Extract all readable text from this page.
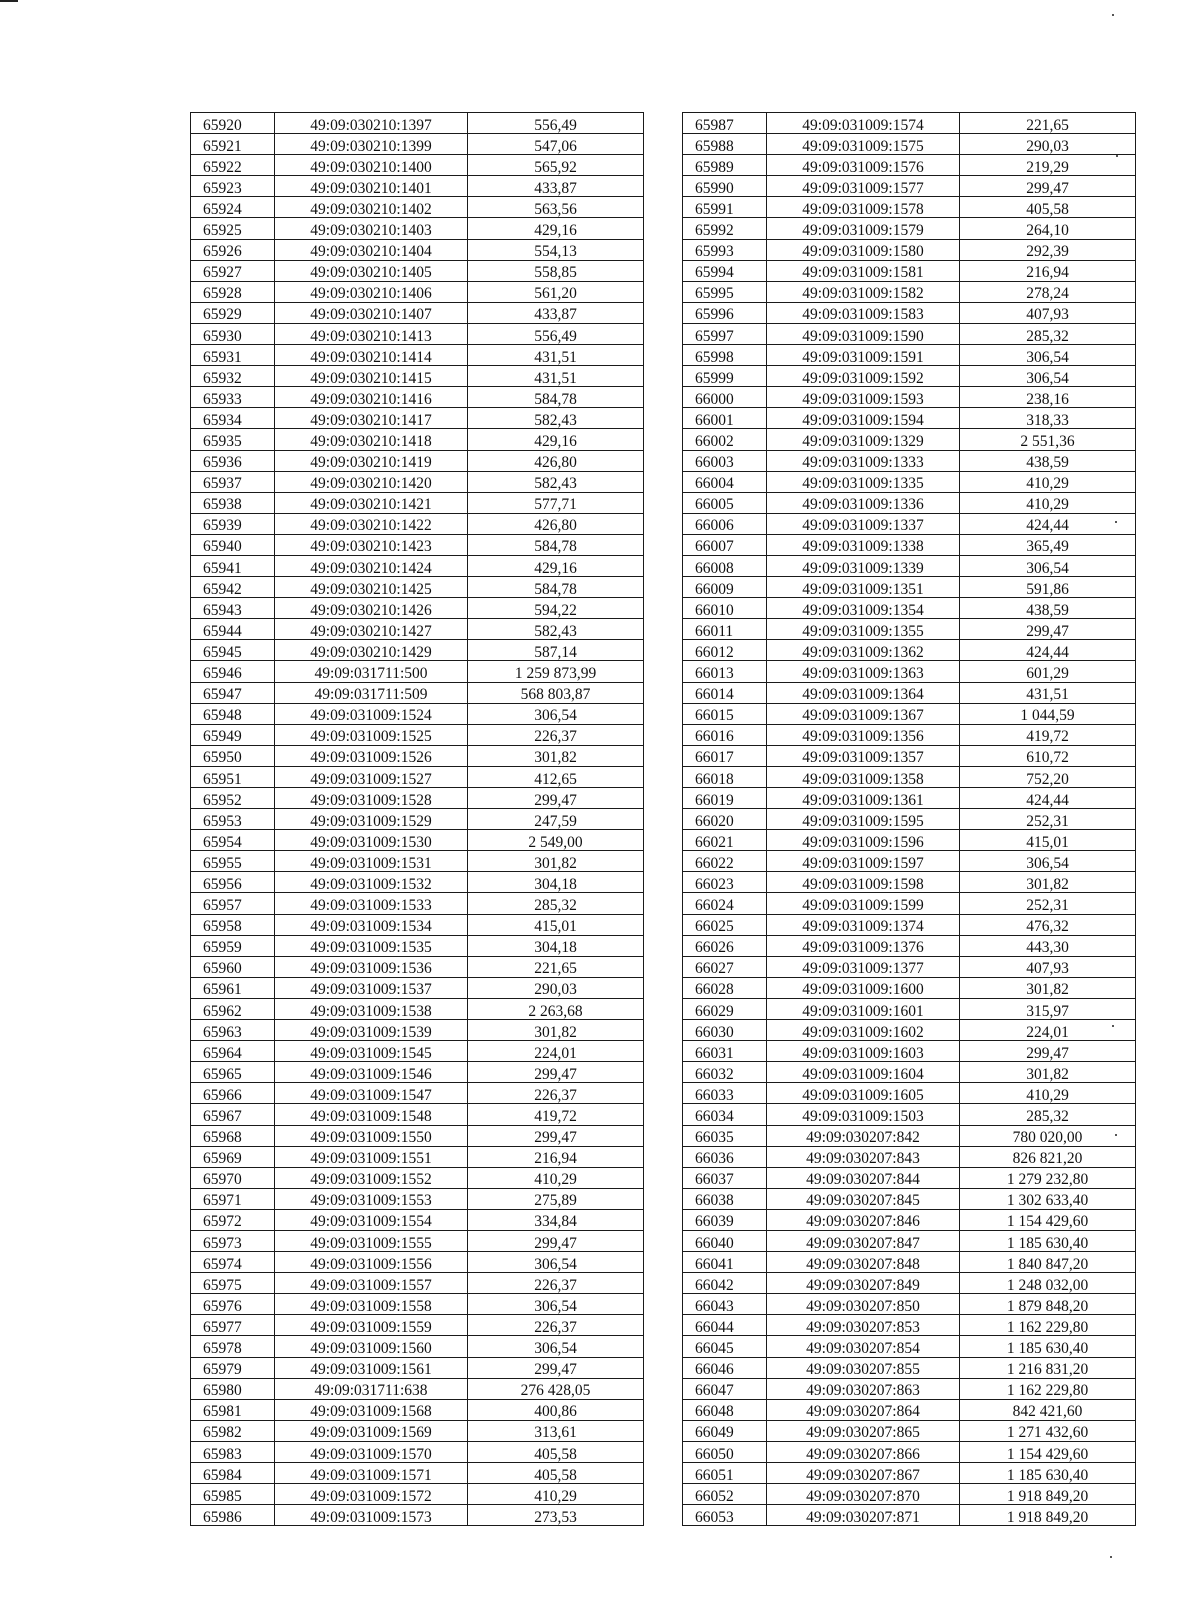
65920	49:09:030210:1397	556,49
65921	49:09:030210:1399	547,06
65922	49:09:030210:1400	565,92
65923	49:09:030210:1401	433,87
65924	49:09:030210:1402	563,56
65925	49:09:030210:1403	429,16
65926	49:09:030210:1404	554,13
65927	49:09:030210:1405	558,85
65928	49:09:030210:1406	561,20
65929	49:09:030210:1407	433,87
65930	49:09:030210:1413	556,49
65931	49:09:030210:1414	431,51
65932	49:09:030210:1415	431,51
65933	49:09:030210:1416	584,78
65934	49:09:030210:1417	582,43
65935	49:09:030210:1418	429,16
65936	49:09:030210:1419	426,80
65937	49:09:030210:1420	582,43
65938	49:09:030210:1421	577,71
65939	49:09:030210:1422	426,80
65940	49:09:030210:1423	584,78
65941	49:09:030210:1424	429,16
65942	49:09:030210:1425	584,78
65943	49:09:030210:1426	594,22
65944	49:09:030210:1427	582,43
65945	49:09:030210:1429	587,14
65946	49:09:031711:500	1 259 873,99
65947	49:09:031711:509	568 803,87
65948	49:09:031009:1524	306,54
65949	49:09:031009:1525	226,37
65950	49:09:031009:1526	301,82
65951	49:09:031009:1527	412,65
65952	49:09:031009:1528	299,47
65953	49:09:031009:1529	247,59
65954	49:09:031009:1530	2 549,00
65955	49:09:031009:1531	301,82
65956	49:09:031009:1532	304,18
65957	49:09:031009:1533	285,32
65958	49:09:031009:1534	415,01
65959	49:09:031009:1535	304,18
65960	49:09:031009:1536	221,65
65961	49:09:031009:1537	290,03
65962	49:09:031009:1538	2 263,68
65963	49:09:031009:1539	301,82
65964	49:09:031009:1545	224,01
65965	49:09:031009:1546	299,47
65966	49:09:031009:1547	226,37
65967	49:09:031009:1548	419,72
65968	49:09:031009:1550	299,47
65969	49:09:031009:1551	216,94
65970	49:09:031009:1552	410,29
65971	49:09:031009:1553	275,89
65972	49:09:031009:1554	334,84
65973	49:09:031009:1555	299,47
65974	49:09:031009:1556	306,54
65975	49:09:031009:1557	226,37
65976	49:09:031009:1558	306,54
65977	49:09:031009:1559	226,37
65978	49:09:031009:1560	306,54
65979	49:09:031009:1561	299,47
65980	49:09:031711:638	276 428,05
65981	49:09:031009:1568	400,86
65982	49:09:031009:1569	313,61
65983	49:09:031009:1570	405,58
65984	49:09:031009:1571	405,58
65985	49:09:031009:1572	410,29
65986	49:09:031009:1573	273,53
65987	49:09:031009:1574	221,65
65988	49:09:031009:1575	290,03
65989	49:09:031009:1576	219,29
65990	49:09:031009:1577	299,47
65991	49:09:031009:1578	405,58
65992	49:09:031009:1579	264,10
65993	49:09:031009:1580	292,39
65994	49:09:031009:1581	216,94
65995	49:09:031009:1582	278,24
65996	49:09:031009:1583	407,93
65997	49:09:031009:1590	285,32
65998	49:09:031009:1591	306,54
65999	49:09:031009:1592	306,54
66000	49:09:031009:1593	238,16
66001	49:09:031009:1594	318,33
66002	49:09:031009:1329	2 551,36
66003	49:09:031009:1333	438,59
66004	49:09:031009:1335	410,29
66005	49:09:031009:1336	410,29
66006	49:09:031009:1337	424,44
66007	49:09:031009:1338	365,49
66008	49:09:031009:1339	306,54
66009	49:09:031009:1351	591,86
66010	49:09:031009:1354	438,59
66011	49:09:031009:1355	299,47
66012	49:09:031009:1362	424,44
66013	49:09:031009:1363	601,29
66014	49:09:031009:1364	431,51
66015	49:09:031009:1367	1 044,59
66016	49:09:031009:1356	419,72
66017	49:09:031009:1357	610,72
66018	49:09:031009:1358	752,20
66019	49:09:031009:1361	424,44
66020	49:09:031009:1595	252,31
66021	49:09:031009:1596	415,01
66022	49:09:031009:1597	306,54
66023	49:09:031009:1598	301,82
66024	49:09:031009:1599	252,31
66025	49:09:031009:1374	476,32
66026	49:09:031009:1376	443,30
66027	49:09:031009:1377	407,93
66028	49:09:031009:1600	301,82
66029	49:09:031009:1601	315,97
66030	49:09:031009:1602	224,01
66031	49:09:031009:1603	299,47
66032	49:09:031009:1604	301,82
66033	49:09:031009:1605	410,29
66034	49:09:031009:1503	285,32
66035	49:09:030207:842	780 020,00
66036	49:09:030207:843	826 821,20
66037	49:09:030207:844	1 279 232,80
66038	49:09:030207:845	1 302 633,40
66039	49:09:030207:846	1 154 429,60
66040	49:09:030207:847	1 185 630,40
66041	49:09:030207:848	1 840 847,20
66042	49:09:030207:849	1 248 032,00
66043	49:09:030207:850	1 879 848,20
66044	49:09:030207:853	1 162 229,80
66045	49:09:030207:854	1 185 630,40
66046	49:09:030207:855	1 216 831,20
66047	49:09:030207:863	1 162 229,80
66048	49:09:030207:864	842 421,60
66049	49:09:030207:865	1 271 432,60
66050	49:09:030207:866	1 154 429,60
66051	49:09:030207:867	1 185 630,40
66052	49:09:030207:870	1 918 849,20
66053	49:09:030207:871	1 918 849,20
